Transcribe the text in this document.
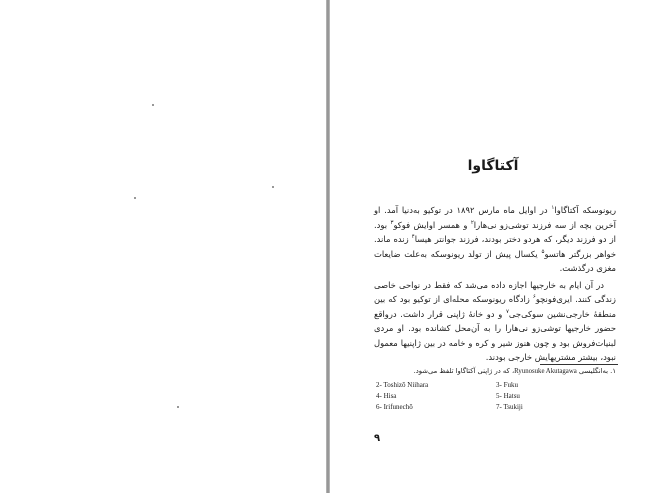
آکتاگاوا

ریونوسکه آکتاگاوا$^۱$ در اوایل ماه مارس ۱۸۹۲ در توکیو به‌دنیا آمد. او آخرین بچه از سه فرزند توشی‌زو نی‌هارا$^۲$ و همسر اوایش فوکو$^۳$ بود. از دو فرزند دیگر، که هردو دختر بودند، فرزند جوانتر هیسا$^۴$ زنده ماند. خواهر بزرگتر هاتسو$^۵$ یکسال پیش از تولد ریونوسکه به‌علت ضایعات مغزی درگذشت.

در آن ایام به خارجیها اجازه داده می‌شد که فقط در نواحی خاصی زندگی کنند. ایری‌فونچو$^۶$ زادگاه ریونوسکه محله‌ای از توکیو بود که بین منطقهٔ خارجی‌نشین سوکی‌جی$^۷$ و دو خانهٔ ژاپنی قرار داشت. درواقع حضور خارجیها توشی‌زو نی‌هارا را به آن‌محل کشانده بود. او مردی لبنیات‌فروش بود و چون هنوز شیر و کره و خامه در بین ژاپنیها معمول نبود، بیشتر مشتریهایش خارجی بودند.

۱. به‌انگلیسی Ryunosuke Akutagawa، که در ژاپنی آکتاگاوا تلفظ می‌شود.
2- Toshizō Niihara	3- Fuku
4- Hisa	5- Hatsu
6- Irifunechō	7- Tsukiji
۹
